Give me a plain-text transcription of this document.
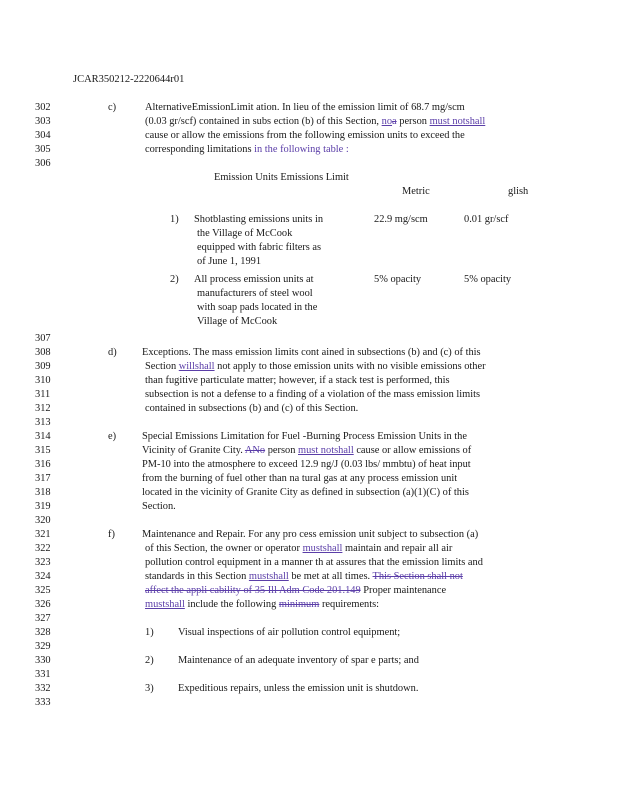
JCAR350212-2220644r01
302
303
304
305
306
307
308
309
310
311
312
313
314
315
316
317
318
319
320
321
322
323
324
325
326
327
328
329
330
331
332
333
c)	AlternativeEmissionLimit ation. In lieu of the emission limit of 68.7 mg/scm
(0.03 gr/scf) contained in subs ection (b) of this Section, noa person must notshall
cause or allow the emissions from the following emission units to exceed the
corresponding limitations in the following table :
Emission Units Emissions Limit
Metric	glish
1) Shotblasting emissions units in
the Village of McCook
equipped with fabric filters as
of June 1, 1991
22.9 mg/scm	0.01 gr/scf
2) All process emission units at
manufacturers of steel wool
with soap pads located in the
Village of McCook
5% opacity	5% opacity
d) Exceptions. The mass emission limits cont ained in subsections (b) and (c) of this
Section willshall not apply to those emission units with no visible emissions other
than fugitive particulate matter; however, if a stack test is performed, this
subsection is not a defense to a finding of a violation of the mass emission limits
contained in subsections (b) and (c) of this Section.
e) Special Emissions Limitation for Fuel -Burning Process Emission Units in the
Vicinity of Granite City. ANo person must notshall cause or allow emissions of
PM-10 into the atmosphere to exceed 12.9 ng/J (0.03 lbs/ mmbtu) of heat input
from the burning of fuel other than na tural gas at any process emission unit
located in the vicinity of Granite City as defined in subsection (a)(1)(C) of this
Section.
f)	Maintenance and Repair. For any pro cess emission unit subject to subsection (a)
of this Section, the owner or operator mustshall maintain and repair all air
pollution control equipment in a manner th at assures that the emission limits and
standards in this Section mustshall be met at all times. This Section shall not
affect the appli cability of 35 Ill Adm Code 201.149 Proper maintenance
mustshall include the following minimum requirements:
1) Visual inspections of air pollution control equipment;
2) Maintenance of an adequate inventory of spar e parts; and
3) Expeditious repairs, unless the emission unit is shutdown.
